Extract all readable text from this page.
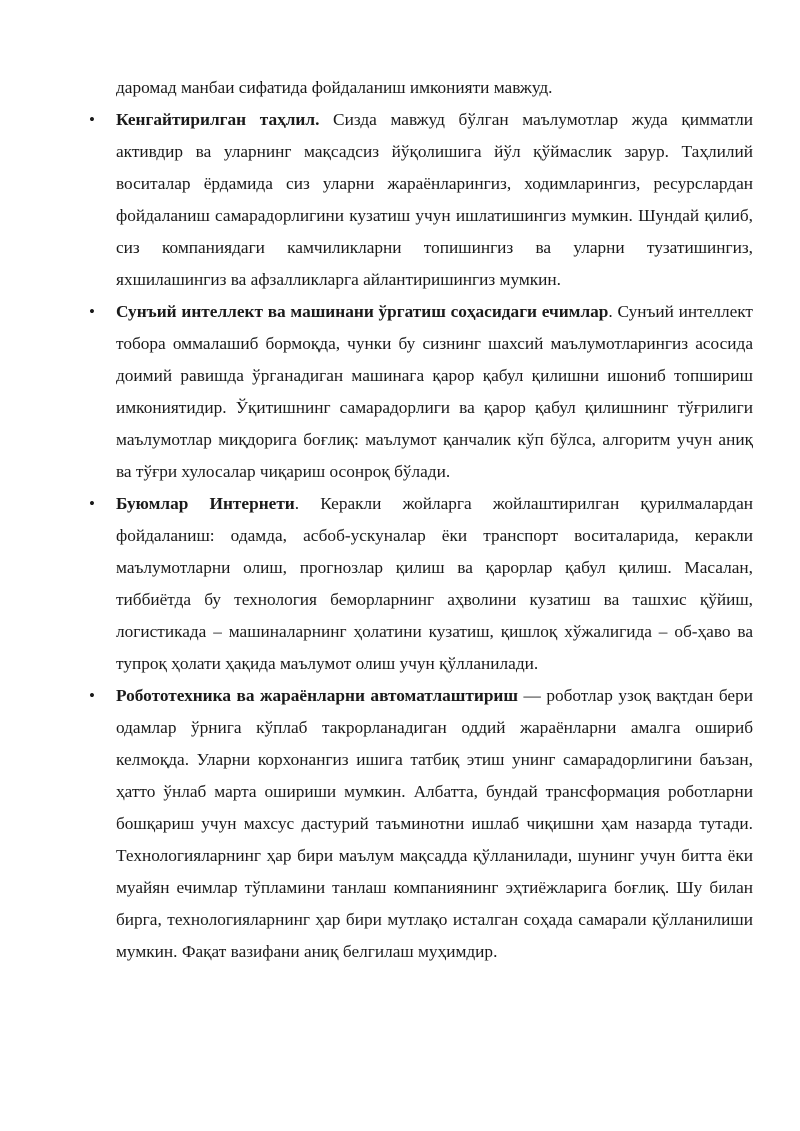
даромад манбаи сифатида фойдаланиш имконияти мавжуд.
• Кенгайтирилган таҳлил. Сизда мавжуд бўлган маълумотлар жуда қимматли активдир ва уларнинг мақсадсиз йўқолишига йўл қўймаслик зарур. Таҳлилий воситалар ёрдамида сиз уларни жараёнларингиз, ходимларингиз, ресурслардан фойдаланиш самарадорлигини кузатиш учун ишлатишингиз мумкин. Шундай қилиб, сиз компаниядаги камчиликларни топишингиз ва уларни тузатишингиз, яхшилашингиз ва афзалликларга айлантиришингиз мумкин.
• Сунъий интеллект ва машинани ўргатиш соҳасидаги ечимлар. Сунъий интеллект тобора оммалашиб бормоқда, чунки бу сизнинг шахсий маълумотларингиз асосида доимий равишда ўрганадиган машинага қарор қабул қилишни ишониб топшириш имкониятидир. Ўқитишнинг самарадорлиги ва қарор қабул қилишнинг тўғрилиги маълумотлар миқдорига боғлиқ: маълумот қанчалик кўп бўлса, алгоритм учун аниқ ва тўғри хулосалар чиқариш осонроқ бўлади.
• Буюмлар Интернети. Керакли жойларга жойлаштирилган қурилмалардан фойдаланиш: одамда, асбоб-ускуналар ёки транспорт воситаларида, керакли маълумотларни олиш, прогнозлар қилиш ва қарорлар қабул қилиш. Масалан, тиббиётда бу технология беморларнинг аҳволини кузатиш ва ташхис қўйиш, логистикада – машиналарнинг ҳолатини кузатиш, қишлоқ хўжалигида – об-ҳаво ва тупроқ ҳолати ҳақида маълумот олиш учун қўлланилади.
• Робототехника ва жараёнларни автоматлаштириш — роботлар узоқ вақтдан бери одамлар ўрнига кўплаб такрорланадиган оддий жараёнларни амалга ошириб келмоқда. Уларни корхонангиз ишига татбиқ этиш унинг самарадорлигини баъзан, ҳатто ўнлаб марта ошириши мумкин. Албатта, бундай трансформация роботларни бошқариш учун махсус дастурий таъминотни ишлаб чиқишни ҳам назарда тутади. Технологияларнинг ҳар бири маълум мақсадда қўлланилади, шунинг учун битта ёки муайян ечимлар тўпламини танлаш компаниянинг эҳтиёжларига боғлиқ. Шу билан бирга, технологияларнинг ҳар бири мутлақо исталган соҳада самарали қўлланилиши мумкин. Фақат вазифани аниқ белгилаш муҳимдир.
